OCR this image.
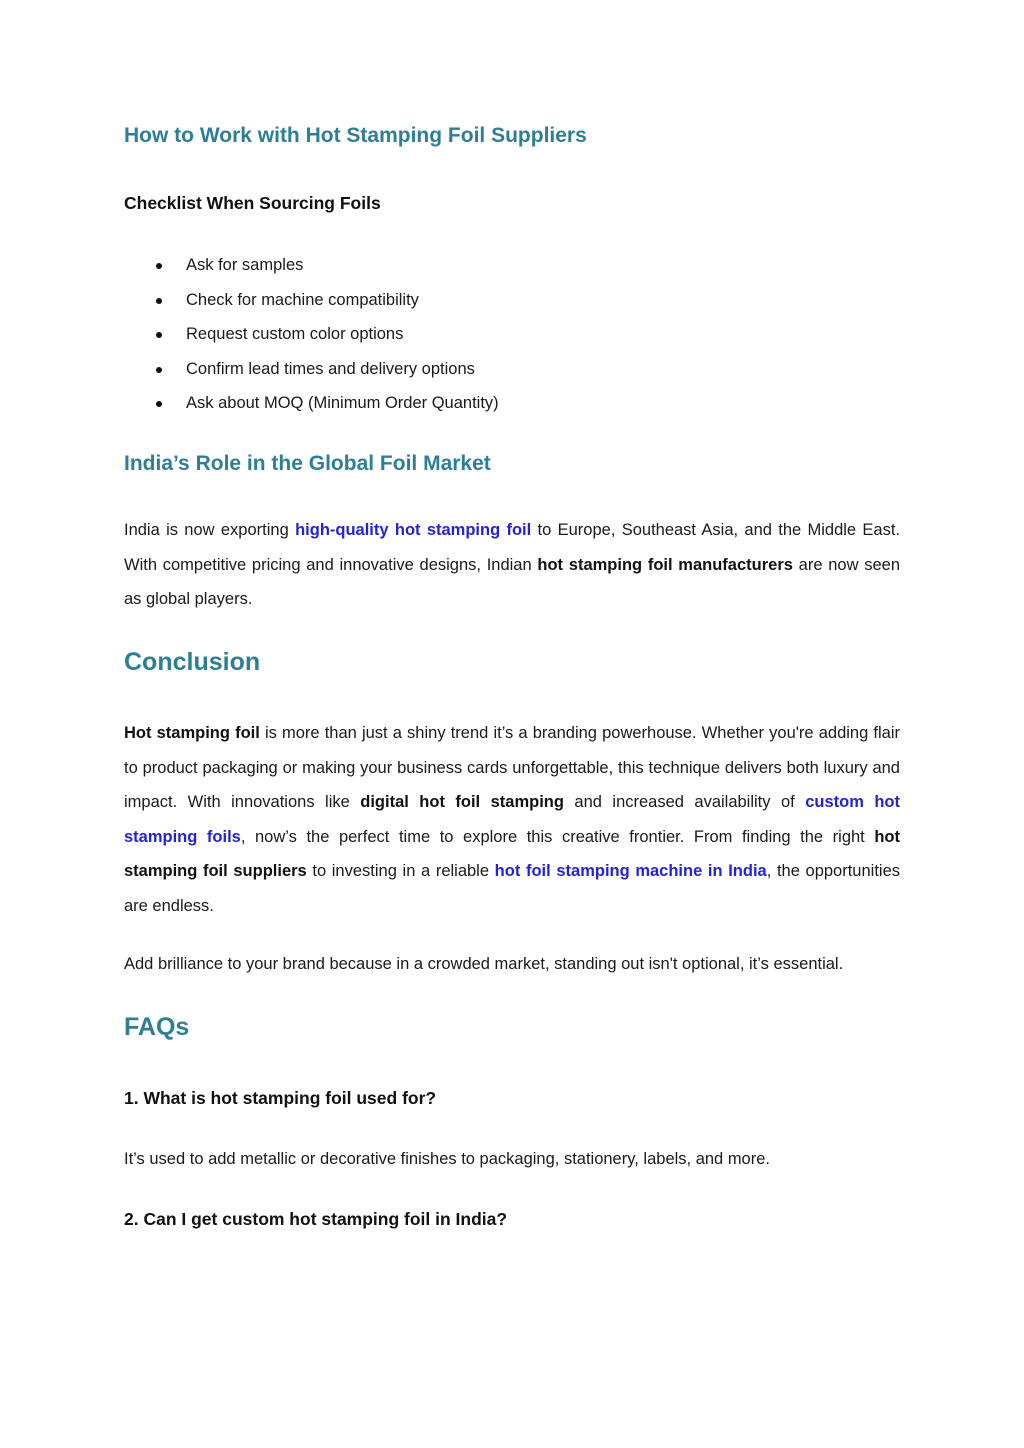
How to Work with Hot Stamping Foil Suppliers
Checklist When Sourcing Foils
Ask for samples
Check for machine compatibility
Request custom color options
Confirm lead times and delivery options
Ask about MOQ (Minimum Order Quantity)
India’s Role in the Global Foil Market

India is now exporting high-quality hot stamping foil to Europe, Southeast Asia, and the Middle East. With competitive pricing and innovative designs, Indian hot stamping foil manufacturers are now seen as global players.

Conclusion

Hot stamping foil is more than just a shiny trend it’s a branding powerhouse. Whether you're adding flair to product packaging or making your business cards unforgettable, this technique delivers both luxury and impact. With innovations like digital hot foil stamping and increased availability of custom hot stamping foils, now’s the perfect time to explore this creative frontier. From finding the right hot stamping foil suppliers to investing in a reliable hot foil stamping machine in India, the opportunities are endless.

Add brilliance to your brand because in a crowded market, standing out isn't optional, it’s essential.

FAQs
1. What is hot stamping foil used for?

It’s used to add metallic or decorative finishes to packaging, stationery, labels, and more.

2. Can I get custom hot stamping foil in India?
